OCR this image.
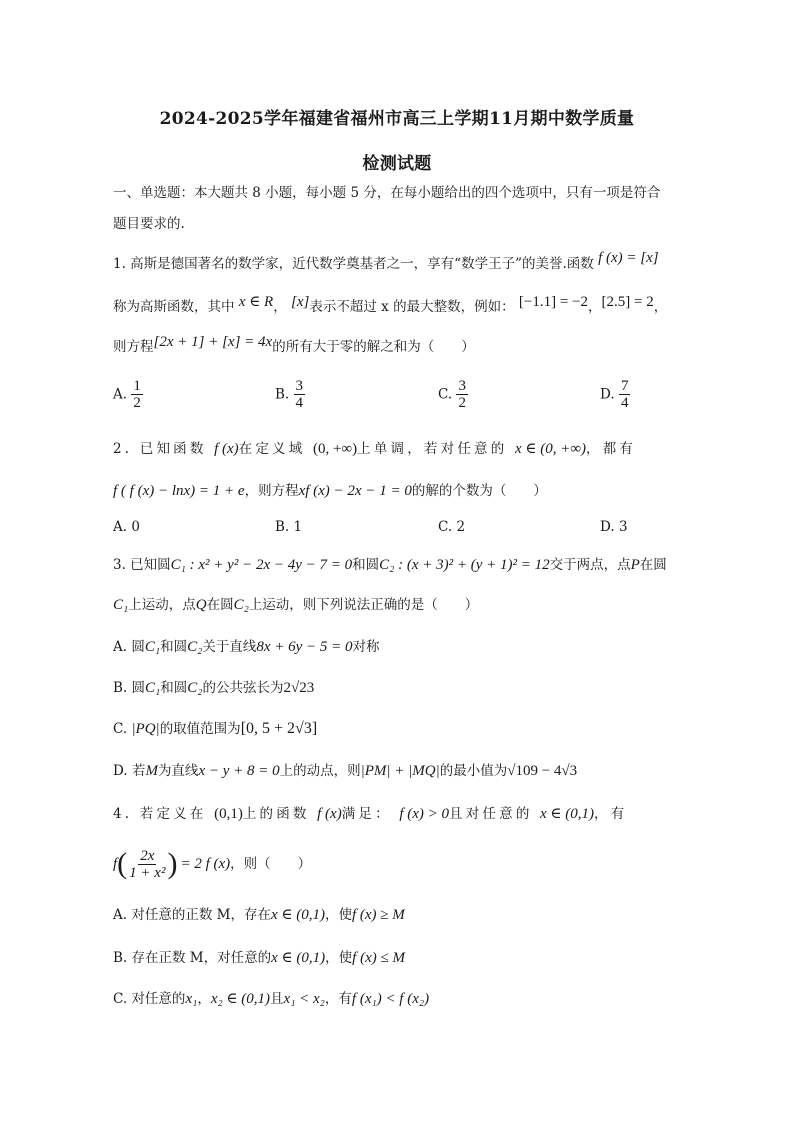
2024-2025学年福建省福州市高三上学期11月期中数学质量
检测试题
一、单选题：本大题共 8 小题，每小题 5 分，在每小题给出的四个选项中，只有一项是符合
题目要求的.
1. 高斯是德国著名的数学家，近代数学奠基者之一，享有“数学王子”的美誉.函数 f (x) = [x]
称为高斯函数，其中 x ∈ R， [x]表示不超过 x 的最大整数，例如： [−1.1] = −2，[2.5] = 2，
则方程[2x + 1] + [x] = 4x的所有大于零的解之和为（　　）
A. $\frac{1}{2}$	B. $\frac{3}{4}$	C. $\frac{3}{2}$	D. $\frac{7}{4}$
2. 已知函数 f (x)在定义域 (0, +∞)上单调，若对任意的 x ∈ (0, +∞)，都有
f ( f (x) − lnx) = 1 + e，则方程xf (x) − 2x − 1 = 0的解的个数为（　　）
A. 0	B. 1	C. 2	D. 3
3. 已知圆C₁ : x² + y² − 2x − 4y − 7 = 0和圆C₂ : (x + 3)² + (y + 1)² = 12交于两点，点P在圆
C₁上运动，点Q在圆C₂上运动，则下列说法正确的是（　　）
A. 圆C₁和圆C₂关于直线8x + 6y − 5 = 0对称
B. 圆C₁和圆C₂的公共弦长为2√23
C. |PQ|的取值范围为[0, 5 + 2√3]
D. 若M为直线x − y + 8 = 0上的动点，则|PM| + |MQ|的最小值为√109 − 4√3
4. 若定义在 (0,1)上的函数 f (x)满足： f (x) > 0且对任意的 x ∈ (0,1)，有
f ( $\frac{2x}{\text{1 + x²}}$ ) = 2 f (x) ，则（　　）
A. 对任意的正数 M，存在x ∈ (0,1)，使f (x) ≥ M
B. 存在正数 M，对任意的x ∈ (0,1)，使f (x) ≤ M
C. 对任意的x₁，x₂ ∈ (0,1)且x₁ < x₂，有f (x₁) < f (x₂)
